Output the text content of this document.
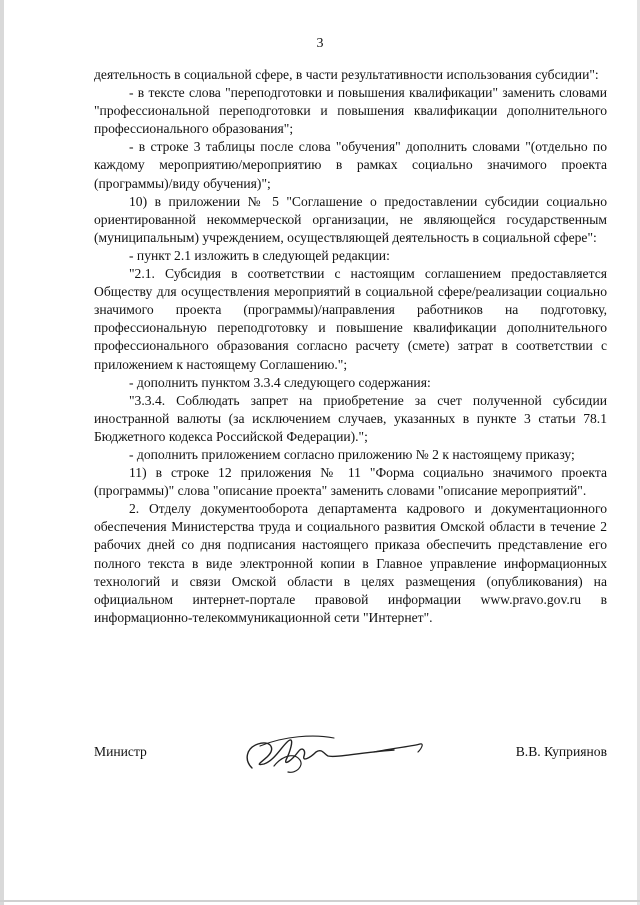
3

деятельность в социальной сфере, в части результативности использования субсидии":

- в тексте слова "переподготовки и повышения квалификации" заменить словами "профессиональной переподготовки и повышения квалификации дополнительного профессионального образования";

- в строке 3 таблицы после слова "обучения" дополнить словами "(отдельно по каждому мероприятию/мероприятию в рамках социально значимого проекта (программы)/виду обучения)";

10) в приложении № 5 "Соглашение о предоставлении субсидии социально ориентированной некоммерческой организации, не являющейся государственным (муниципальным) учреждением, осуществляющей деятельность в социальной сфере":

- пункт 2.1 изложить в следующей редакции:

"2.1. Субсидия в соответствии с настоящим соглашением предоставляется Обществу для осуществления мероприятий в социальной сфере/реализации социально значимого проекта (программы)/направления работников на подготовку, профессиональную переподготовку и повышение квалификации дополнительного профессионального образования согласно расчету (смете) затрат в соответствии с приложением к настоящему Соглашению.";

- дополнить пунктом 3.3.4 следующего содержания:

"3.3.4. Соблюдать запрет на приобретение за счет полученной субсидии иностранной валюты (за исключением случаев, указанных в пункте 3 статьи 78.1 Бюджетного кодекса Российской Федерации).";

- дополнить приложением согласно приложению № 2 к настоящему приказу;

11) в строке 12 приложения № 11 "Форма социально значимого проекта (программы)" слова "описание проекта" заменить словами "описание мероприятий".

2. Отделу документооборота департамента кадрового и документационного обеспечения Министерства труда и социального развития Омской области в течение 2 рабочих дней со дня подписания настоящего приказа обеспечить представление его полного текста в виде электронной копии в Главное управление информационных технологий и связи Омской области в целях размещения (опубликования) на официальном интернет-портале правовой информации www.pravo.gov.ru в информационно-телекоммуникационной сети "Интернет".

Министр	В.В. Куприянов
